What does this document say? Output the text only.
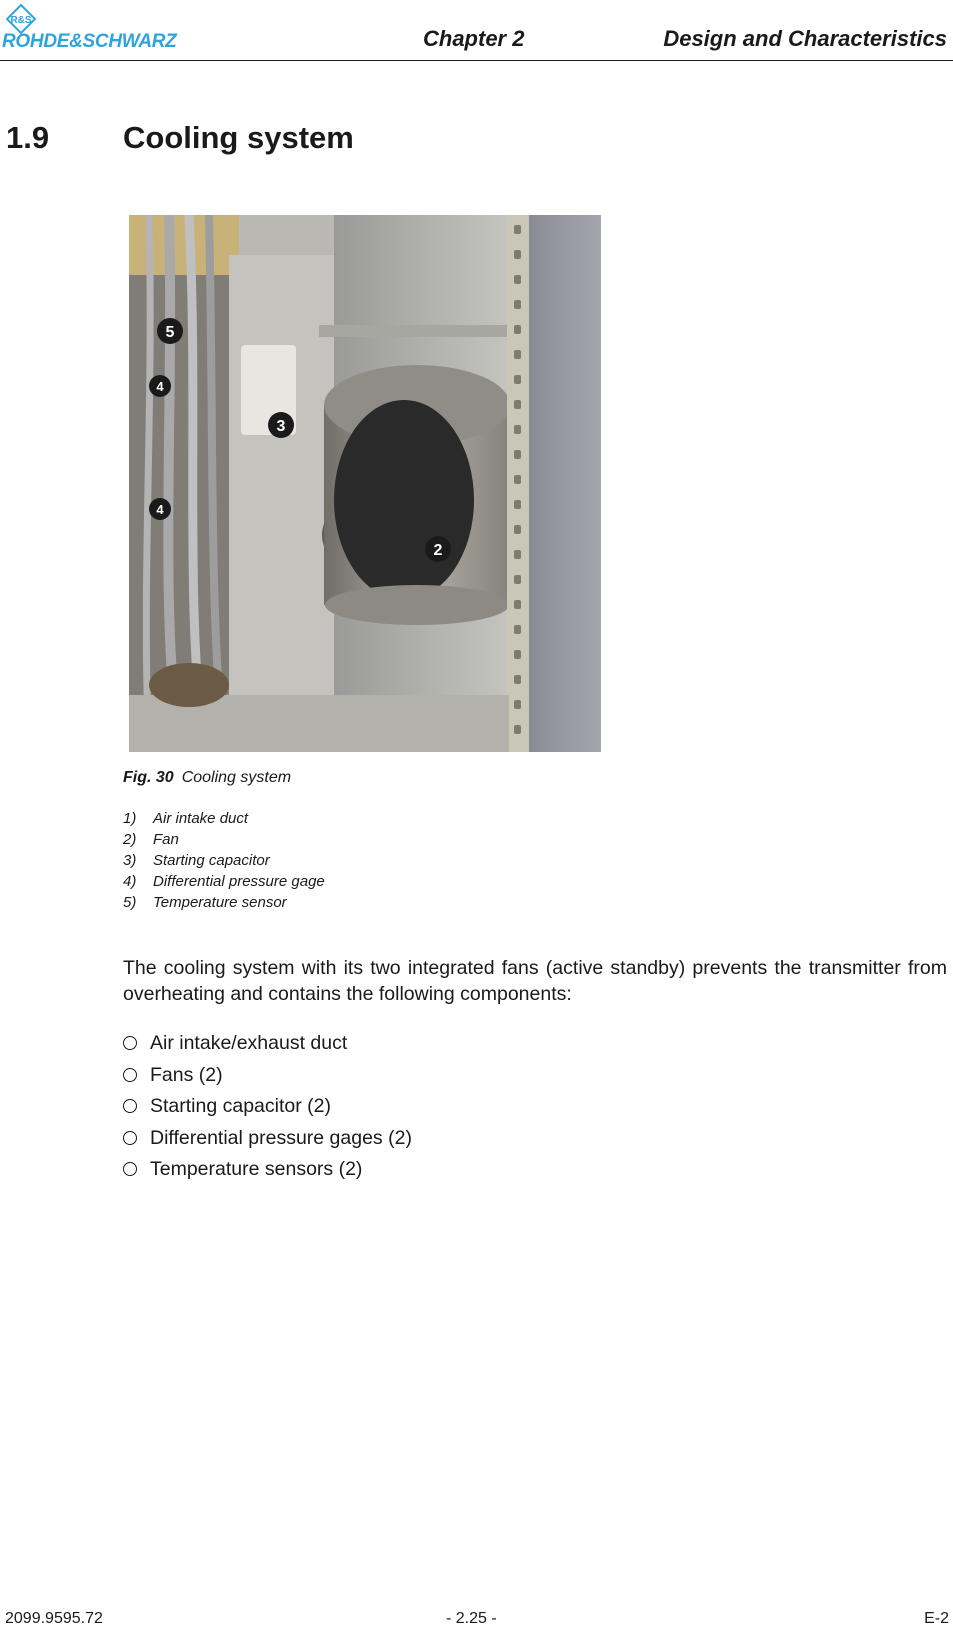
R&S
ROHDE&SCHWARZ	Chapter 2	Design and Characteristics
1.9 Cooling system
5
4
3
4
2
Fig. 30 Cooling system
1) Air intake duct
2) Fan
3) Starting capacitor
4) Differential pressure gage
5) Temperature sensor

The cooling system with its two integrated fans (active standby) prevents the transmitter from overheating and contains the following components:

Air intake/exhaust duct
Fans (2)
Starting capacitor (2)
Differential pressure gages (2)
Temperature sensors (2)
2099.9595.72	- 2.25 -	E-2
